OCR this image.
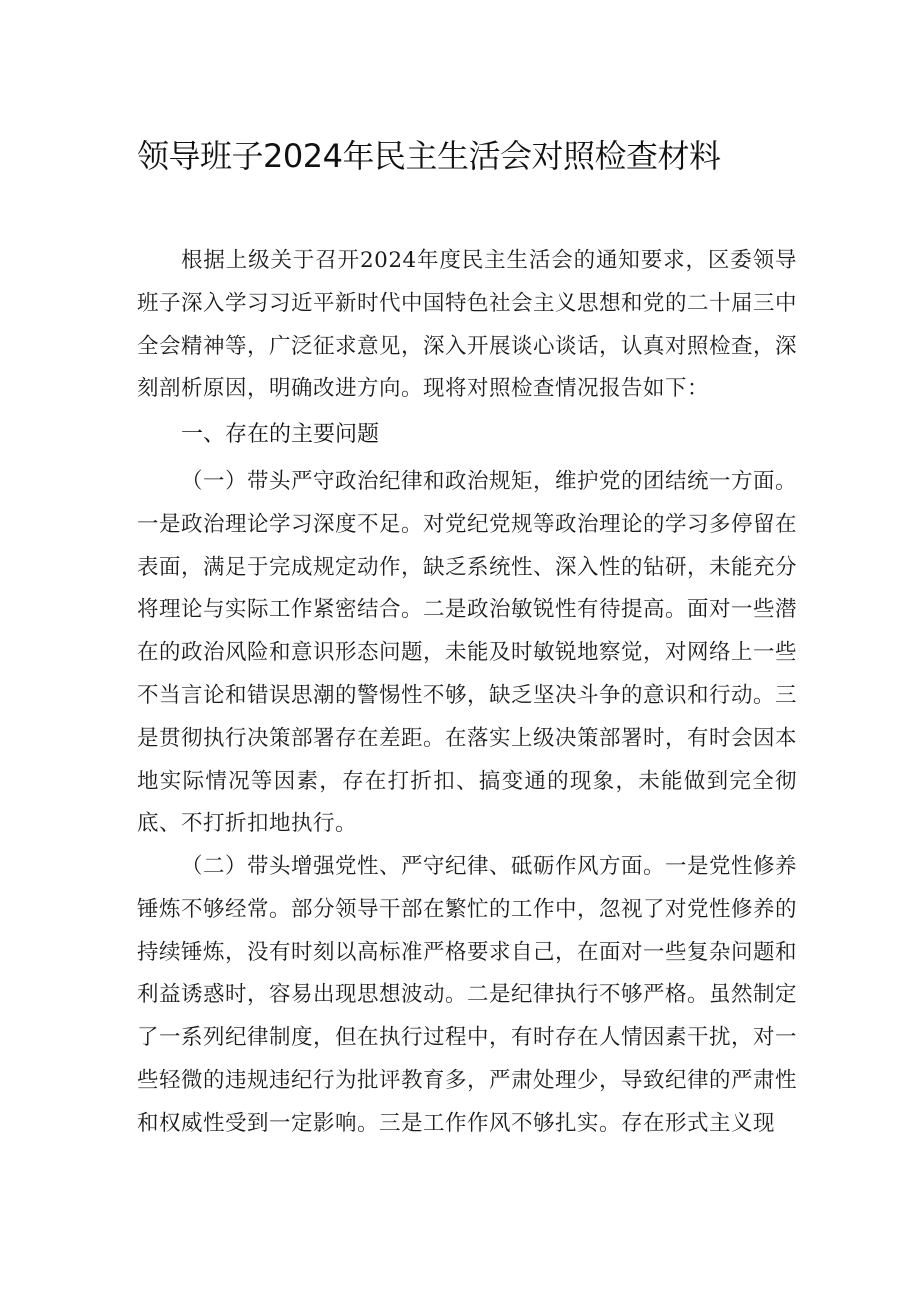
领导班子2024年民主生活会对照检查材料

根据上级关于召开2024年度民主生活会的通知要求，区委领导班子深入学习习近平新时代中国特色社会主义思想和党的二十届三中全会精神等，广泛征求意见，深入开展谈心谈话，认真对照检查，深刻剖析原因，明确改进方向。现将对照检查情况报告如下：

一、存在的主要问题

（一）带头严守政治纪律和政治规矩，维护党的团结统一方面。一是政治理论学习深度不足。对党纪党规等政治理论的学习多停留在表面，满足于完成规定动作，缺乏系统性、深入性的钻研，未能充分将理论与实际工作紧密结合。二是政治敏锐性有待提高。面对一些潜在的政治风险和意识形态问题，未能及时敏锐地察觉，对网络上一些不当言论和错误思潮的警惕性不够，缺乏坚决斗争的意识和行动。三是贯彻执行决策部署存在差距。在落实上级决策部署时，有时会因本地实际情况等因素，存在打折扣、搞变通的现象，未能做到完全彻底、不打折扣地执行。

（二）带头增强党性、严守纪律、砥砺作风方面。一是党性修养锤炼不够经常。部分领导干部在繁忙的工作中，忽视了对党性修养的持续锤炼，没有时刻以高标准严格要求自己，在面对一些复杂问题和利益诱惑时，容易出现思想波动。二是纪律执行不够严格。虽然制定了一系列纪律制度，但在执行过程中，有时存在人情因素干扰，对一些轻微的违规违纪行为批评教育多，严肃处理少，导致纪律的严肃性和权威性受到一定影响。三是工作作风不够扎实。存在形式主义现
